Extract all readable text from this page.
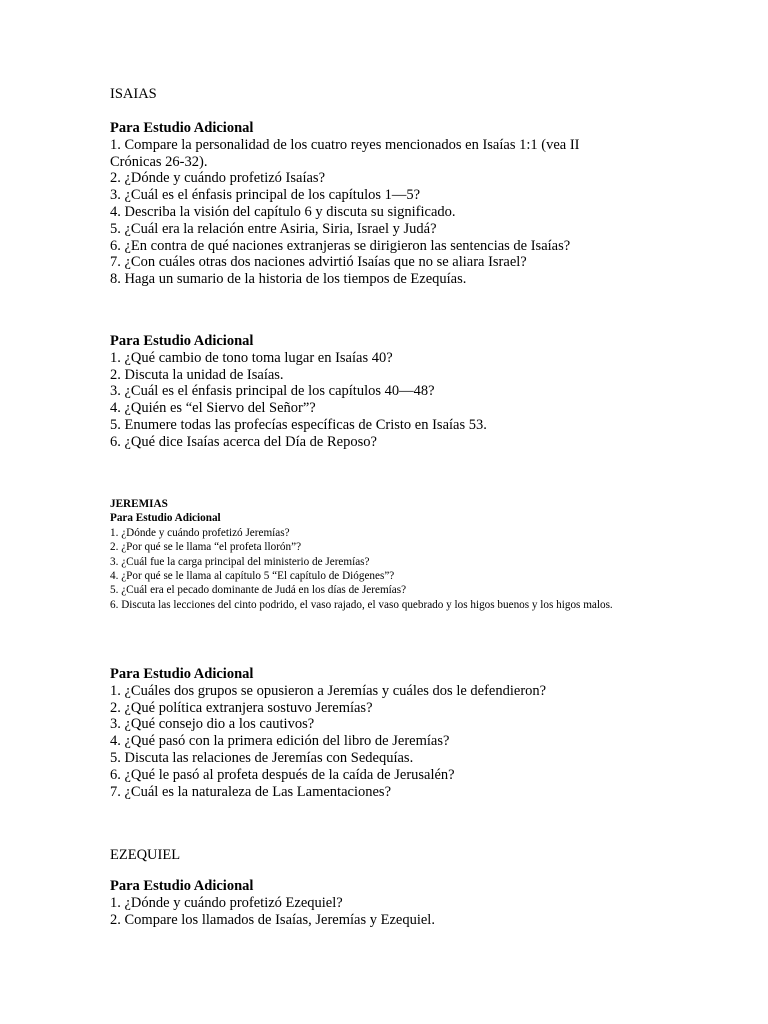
ISAIAS
Para Estudio Adicional
1. Compare la personalidad de los cuatro reyes mencionados en Isaías 1:1 (vea II
Crónicas 26-32).
2. ¿Dónde y cuándo profetizó Isaías?
3. ¿Cuál es el énfasis principal de los capítulos 1—5?
4. Describa la visión del capítulo 6 y discuta su significado.
5. ¿Cuál era la relación entre Asiria, Siria, Israel y Judá?
6. ¿En contra de qué naciones extranjeras se dirigieron las sentencias de Isaías?
7. ¿Con cuáles otras dos naciones advirtió Isaías que no se aliara Israel?
8. Haga un sumario de la historia de los tiempos de Ezequías.
Para Estudio Adicional
1. ¿Qué cambio de tono toma lugar en Isaías 40?
2. Discuta la unidad de Isaías.
3. ¿Cuál es el énfasis principal de los capítulos 40—48?
4. ¿Quién es “el Siervo del Señor”?
5. Enumere todas las profecías específicas de Cristo en Isaías 53.
6. ¿Qué dice Isaías acerca del Día de Reposo?
JEREMIAS
Para Estudio Adicional
1. ¿Dónde y cuándo profetizó Jeremías?
2. ¿Por qué se le llama “el profeta llorón”?
3. ¿Cuál fue la carga principal del ministerio de Jeremías?
4. ¿Por qué se le llama al capítulo 5 “El capítulo de Diógenes”?
5. ¿Cuál era el pecado dominante de Judá en los días de Jeremías?
6. Discuta las lecciones del cinto podrido, el vaso rajado, el vaso quebrado y los higos buenos y los higos malos.
Para Estudio Adicional
1. ¿Cuáles dos grupos se opusieron a Jeremías y cuáles dos le defendieron?
2. ¿Qué política extranjera sostuvo Jeremías?
3. ¿Qué consejo dio a los cautivos?
4. ¿Qué pasó con la primera edición del libro de Jeremías?
5. Discuta las relaciones de Jeremías con Sedequías.
6. ¿Qué le pasó al profeta después de la caída de Jerusalén?
7. ¿Cuál es la naturaleza de Las Lamentaciones?
EZEQUIEL
Para Estudio Adicional
1. ¿Dónde y cuándo profetizó Ezequiel?
2. Compare los llamados de Isaías, Jeremías y Ezequiel.
